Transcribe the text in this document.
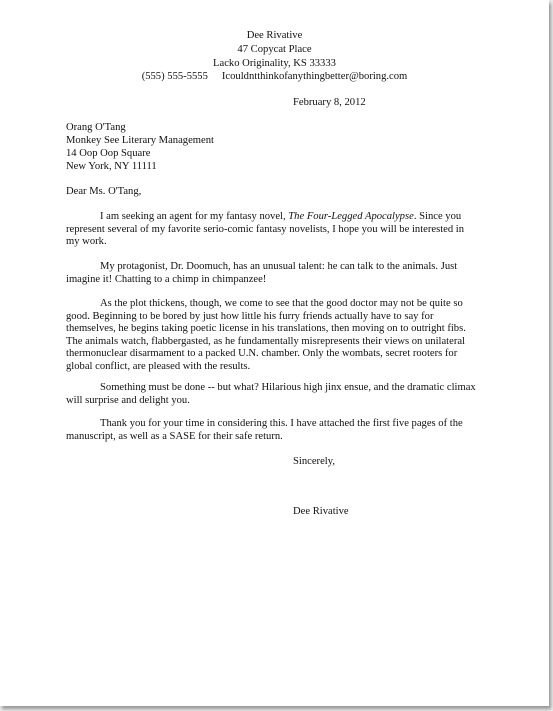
Dee Rivative
47 Copycat Place
Lacko Originality, KS 33333
(555) 555-5555 Icouldntthinkofanythingbetter@boring.com
February 8, 2012
Orang O'Tang
Monkey See Literary Management
14 Oop Oop Square
New York, NY 11111
Dear Ms. O'Tang,
I am seeking an agent for my fantasy novel, The Four-Legged Apocalypse. Since you
represent several of my favorite serio-comic fantasy novelists, I hope you will be interested in
my work.
My protagonist, Dr. Doomuch, has an unusual talent: he can talk to the animals. Just
imagine it! Chatting to a chimp in chimpanzee!
As the plot thickens, though, we come to see that the good doctor may not be quite so
good. Beginning to be bored by just how little his furry friends actually have to say for
themselves, he begins taking poetic license in his translations, then moving on to outright fibs.
The animals watch, flabbergasted, as he fundamentally misrepresents their views on unilateral
thermonuclear disarmament to a packed U.N. chamber. Only the wombats, secret rooters for
global conflict, are pleased with the results.
Something must be done -- but what? Hilarious high jinx ensue, and the dramatic climax
will surprise and delight you.
Thank you for your time in considering this. I have attached the first five pages of the
manuscript, as well as a SASE for their safe return.
Sincerely,
Dee Rivative
